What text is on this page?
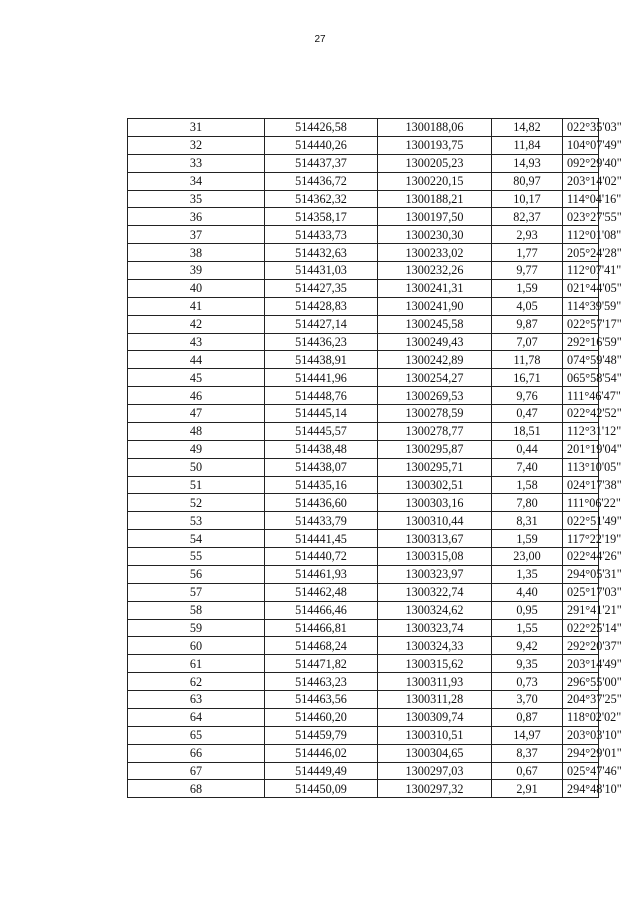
27
31	514426,58	1300188,06	14,82	022°35'03"
32	514440,26	1300193,75	11,84	104°07'49"
33	514437,37	1300205,23	14,93	092°29'40"
34	514436,72	1300220,15	80,97	203°14'02"
35	514362,32	1300188,21	10,17	114°04'16"
36	514358,17	1300197,50	82,37	023°27'55"
37	514433,73	1300230,30	2,93	112°01'08"
38	514432,63	1300233,02	1,77	205°24'28"
39	514431,03	1300232,26	9,77	112°07'41"
40	514427,35	1300241,31	1,59	021°44'05"
41	514428,83	1300241,90	4,05	114°39'59"
42	514427,14	1300245,58	9,87	022°57'17"
43	514436,23	1300249,43	7,07	292°16'59"
44	514438,91	1300242,89	11,78	074°59'48"
45	514441,96	1300254,27	16,71	065°58'54"
46	514448,76	1300269,53	9,76	111°46'47"
47	514445,14	1300278,59	0,47	022°42'52"
48	514445,57	1300278,77	18,51	112°31'12"
49	514438,48	1300295,87	0,44	201°19'04"
50	514438,07	1300295,71	7,40	113°10'05"
51	514435,16	1300302,51	1,58	024°17'38"
52	514436,60	1300303,16	7,80	111°06'22"
53	514433,79	1300310,44	8,31	022°51'49"
54	514441,45	1300313,67	1,59	117°22'19"
55	514440,72	1300315,08	23,00	022°44'26"
56	514461,93	1300323,97	1,35	294°05'31"
57	514462,48	1300322,74	4,40	025°17'03"
58	514466,46	1300324,62	0,95	291°41'21"
59	514466,81	1300323,74	1,55	022°25'14"
60	514468,24	1300324,33	9,42	292°20'37"
61	514471,82	1300315,62	9,35	203°14'49"
62	514463,23	1300311,93	0,73	296°55'00"
63	514463,56	1300311,28	3,70	204°37'25"
64	514460,20	1300309,74	0,87	118°02'02"
65	514459,79	1300310,51	14,97	203°03'10"
66	514446,02	1300304,65	8,37	294°29'01"
67	514449,49	1300297,03	0,67	025°47'46"
68	514450,09	1300297,32	2,91	294°48'10"
